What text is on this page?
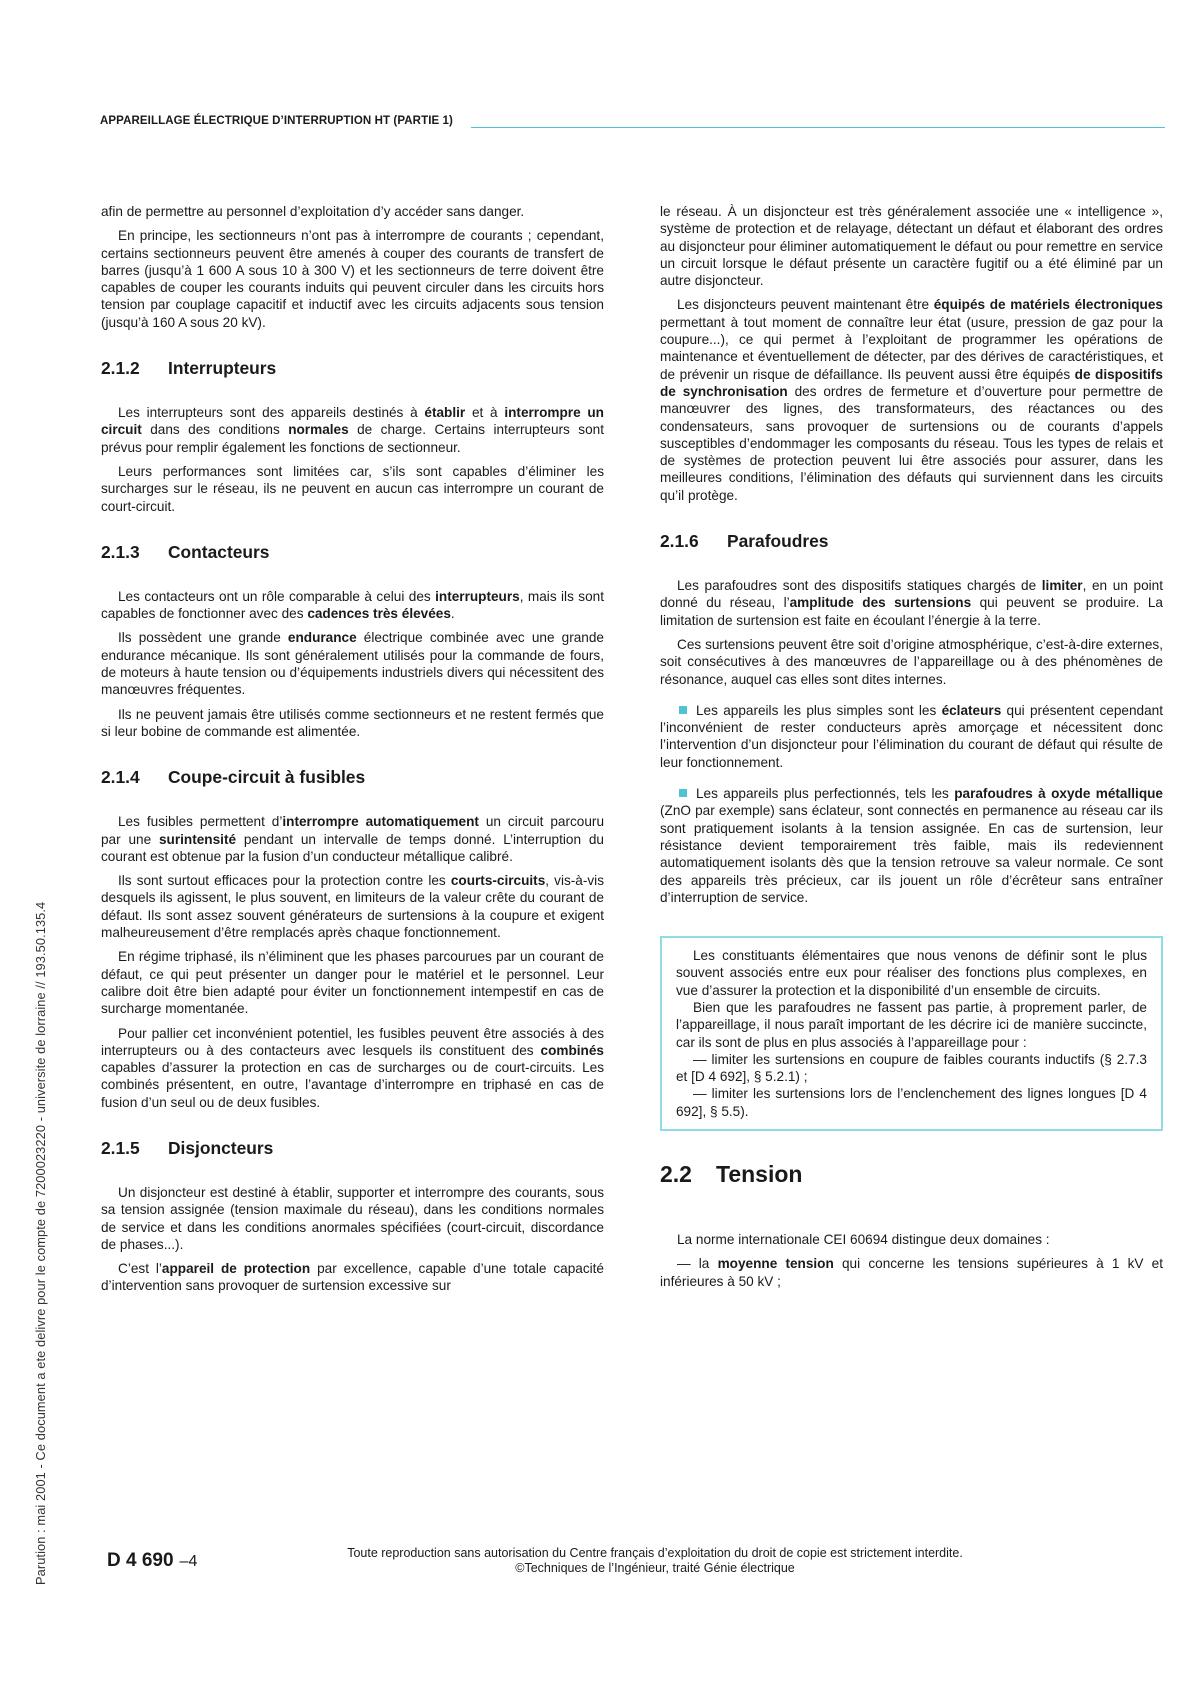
APPAREILLAGE ÉLECTRIQUE D’INTERRUPTION HT (PARTIE 1)

afin de permettre au personnel d’exploitation d’y accéder sans danger.

En principe, les sectionneurs n’ont pas à interrompre de courants ; cependant, certains sectionneurs peuvent être amenés à couper des courants de transfert de barres (jusqu’à 1 600 A sous 10 à 300 V) et les sectionneurs de terre doivent être capables de couper les courants induits qui peuvent circuler dans les circuits hors tension par couplage capacitif et inductif avec les circuits adjacents sous tension (jusqu’à 160 A sous 20 kV).

2.1.2 Interrupteurs

Les interrupteurs sont des appareils destinés à établir et à interrompre un circuit dans des conditions normales de charge. Certains interrupteurs sont prévus pour remplir également les fonctions de sectionneur.

Leurs performances sont limitées car, s’ils sont capables d’éliminer les surcharges sur le réseau, ils ne peuvent en aucun cas interrompre un courant de court-circuit.

2.1.3 Contacteurs

Les contacteurs ont un rôle comparable à celui des interrupteurs, mais ils sont capables de fonctionner avec des cadences très élevées.

Ils possèdent une grande endurance électrique combinée avec une grande endurance mécanique. Ils sont généralement utilisés pour la commande de fours, de moteurs à haute tension ou d’équipements industriels divers qui nécessitent des manœuvres fréquentes.

Ils ne peuvent jamais être utilisés comme sectionneurs et ne restent fermés que si leur bobine de commande est alimentée.

2.1.4 Coupe-circuit à fusibles

Les fusibles permettent d’interrompre automatiquement un circuit parcouru par une surintensité pendant un intervalle de temps donné. L’interruption du courant est obtenue par la fusion d’un conducteur métallique calibré.

Ils sont surtout efficaces pour la protection contre les courts-circuits, vis-à-vis desquels ils agissent, le plus souvent, en limiteurs de la valeur crête du courant de défaut. Ils sont assez souvent générateurs de surtensions à la coupure et exigent malheureusement d’être remplacés après chaque fonctionnement.

En régime triphasé, ils n’éliminent que les phases parcourues par un courant de défaut, ce qui peut présenter un danger pour le matériel et le personnel. Leur calibre doit être bien adapté pour éviter un fonctionnement intempestif en cas de surcharge momentanée.

Pour pallier cet inconvénient potentiel, les fusibles peuvent être associés à des interrupteurs ou à des contacteurs avec lesquels ils constituent des combinés capables d’assurer la protection en cas de surcharges ou de court-circuits. Les combinés présentent, en outre, l’avantage d’interrompre en triphasé en cas de fusion d’un seul ou de deux fusibles.

2.1.5 Disjoncteurs

Un disjoncteur est destiné à établir, supporter et interrompre des courants, sous sa tension assignée (tension maximale du réseau), dans les conditions normales de service et dans les conditions anormales spécifiées (court-circuit, discordance de phases...).

C’est l’appareil de protection par excellence, capable d’une totale capacité d’intervention sans provoquer de surtension excessive sur

le réseau. À un disjoncteur est très généralement associée une « intelligence », système de protection et de relayage, détectant un défaut et élaborant des ordres au disjoncteur pour éliminer automatiquement le défaut ou pour remettre en service un circuit lorsque le défaut présente un caractère fugitif ou a été éliminé par un autre disjoncteur.

Les disjoncteurs peuvent maintenant être équipés de matériels électroniques permettant à tout moment de connaître leur état (usure, pression de gaz pour la coupure...), ce qui permet à l’exploitant de programmer les opérations de maintenance et éventuellement de détecter, par des dérives de caractéristiques, et de prévenir un risque de défaillance. Ils peuvent aussi être équipés de dispositifs de synchronisation des ordres de fermeture et d’ouverture pour permettre de manœuvrer des lignes, des transformateurs, des réactances ou des condensateurs, sans provoquer de surtensions ou de courants d’appels susceptibles d’endommager les composants du réseau. Tous les types de relais et de systèmes de protection peuvent lui être associés pour assurer, dans les meilleures conditions, l’élimination des défauts qui surviennent dans les circuits qu’il protège.

2.1.6 Parafoudres

Les parafoudres sont des dispositifs statiques chargés de limiter, en un point donné du réseau, l’amplitude des surtensions qui peuvent se produire. La limitation de surtension est faite en écoulant l’énergie à la terre.

Ces surtensions peuvent être soit d’origine atmosphérique, c’est-à-dire externes, soit consécutives à des manœuvres de l’appareillage ou à des phénomènes de résonance, auquel cas elles sont dites internes.

Les appareils les plus simples sont les éclateurs qui présentent cependant l’inconvénient de rester conducteurs après amorçage et nécessitent donc l’intervention d’un disjoncteur pour l’élimination du courant de défaut qui résulte de leur fonctionnement.

Les appareils plus perfectionnés, tels les parafoudres à oxyde métallique (ZnO par exemple) sans éclateur, sont connectés en permanence au réseau car ils sont pratiquement isolants à la tension assignée. En cas de surtension, leur résistance devient temporairement très faible, mais ils redeviennent automatiquement isolants dès que la tension retrouve sa valeur normale. Ce sont des appareils très précieux, car ils jouent un rôle d’écrêteur sans entraîner d’interruption de service.

Les constituants élémentaires que nous venons de définir sont le plus souvent associés entre eux pour réaliser des fonctions plus complexes, en vue d’assurer la protection et la disponibilité d’un ensemble de circuits.

Bien que les parafoudres ne fassent pas partie, à proprement parler, de l’appareillage, il nous paraît important de les décrire ici de manière succincte, car ils sont de plus en plus associés à l’appareillage pour :

— limiter les surtensions en coupure de faibles courants inductifs (§ 2.7.3 et [D 4 692], § 5.2.1) ;

— limiter les surtensions lors de l’enclenchement des lignes longues [D 4 692], § 5.5).

2.2 Tension

La norme internationale CEI 60694 distingue deux domaines :

— la moyenne tension qui concerne les tensions supérieures à 1 kV et inférieures à 50 kV ;

D 4 690 –4	Toute reproduction sans autorisation du Centre français d’exploitation du droit de copie est strictement interdite.
©Techniques de l’Ingénieur, traité Génie électrique
Parution : mai 2001 - Ce document a ete delivre pour le compte de 7200023220 - universite de lorraine // 193.50.135.4
